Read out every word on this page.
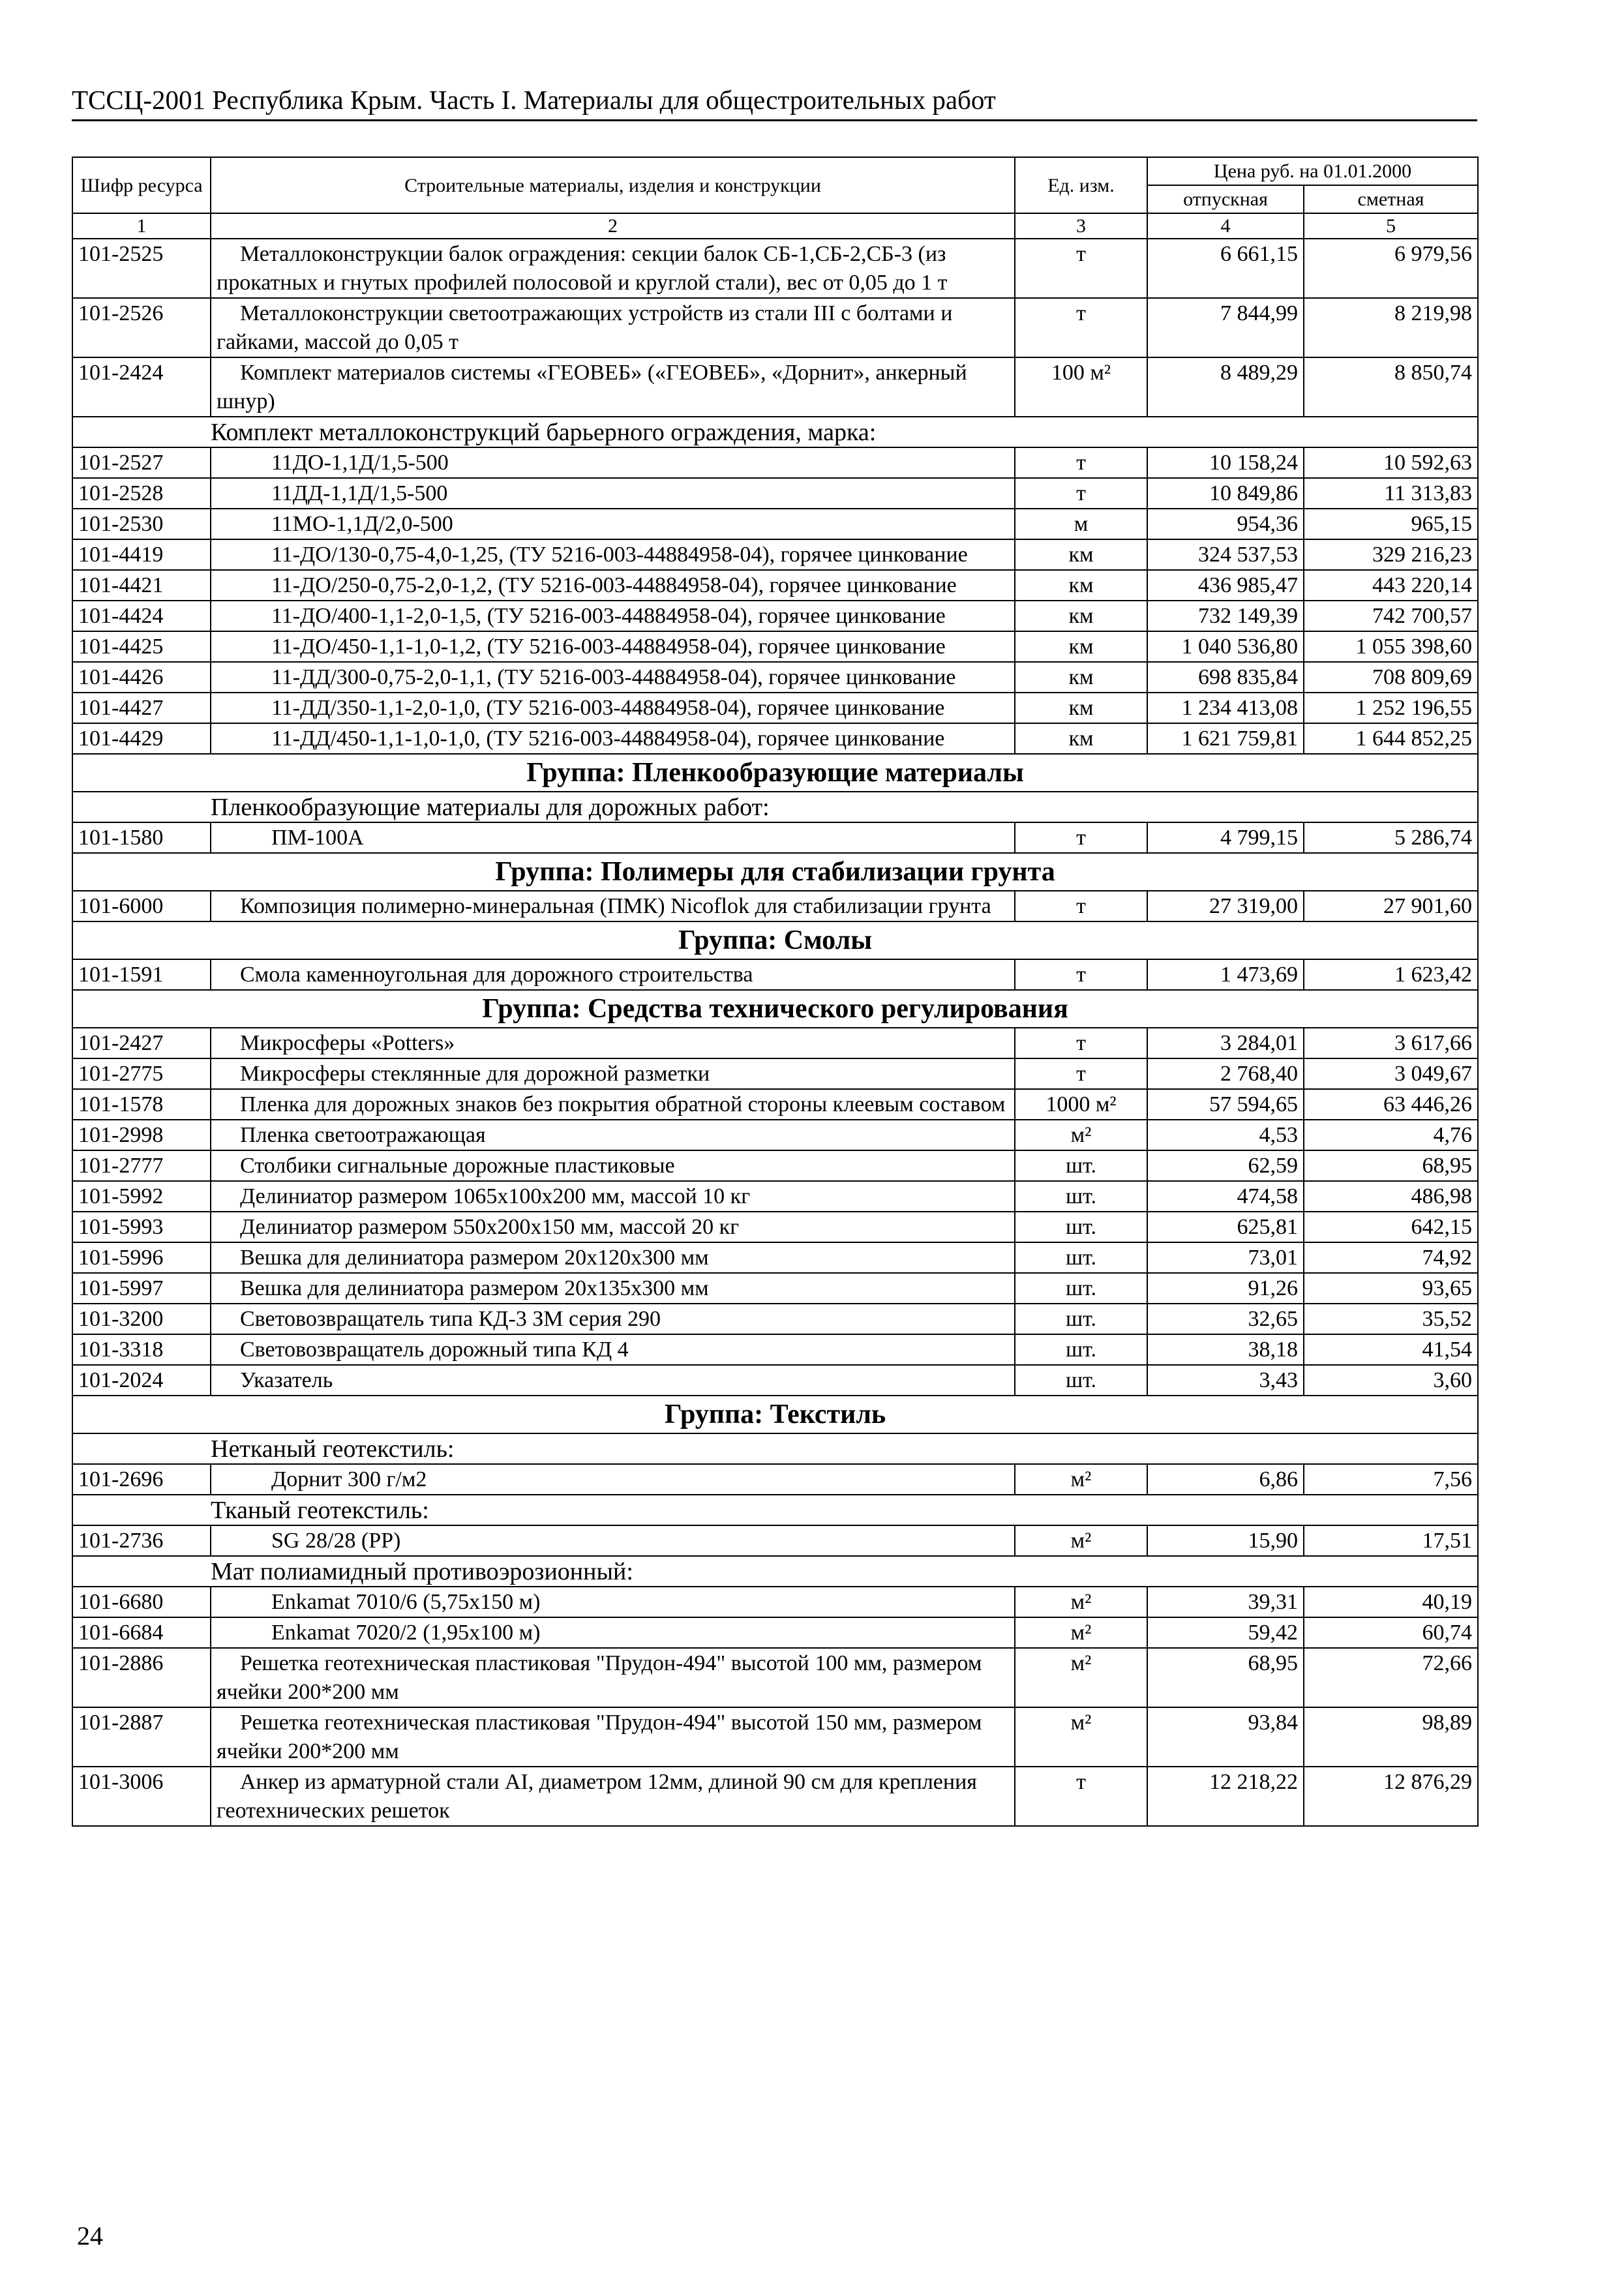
ТССЦ-2001 Республика Крым. Часть I. Материалы для общестроительных работ
Шифр ресурса	Строительные материалы, изделия и конструкции	Ед. изм.	Цена руб. на 01.01.2000	
			отпускная	сметная
1	2	3	4	5
101-2525	Металлоконструкции балок ограждения: секции балок СБ-1,СБ-2,СБ-3 (из прокатных и гнутых профилей полосовой и круглой стали), вес от 0,05 до 1 т	т	6 661,15	6 979,56
101-2526	Металлоконструкции светоотражающих устройств из стали III с болтами и гайками, массой до 0,05 т	т	7 844,99	8 219,98
101-2424	Комплект материалов системы «ГЕОВЕБ» («ГЕОВЕБ», «Дорнит», анкерный шнур)	100 м²	8 489,29	8 850,74
	Комплект металлоконструкций барьерного ограждения, марка:			
101-2527	11ДО-1,1Д/1,5-500	т	10 158,24	10 592,63
101-2528	11ДД-1,1Д/1,5-500	т	10 849,86	11 313,83
101-2530	11МО-1,1Д/2,0-500	м	954,36	965,15
101-4419	11-ДО/130-0,75-4,0-1,25, (ТУ 5216-003-44884958-04), горячее цинкование	км	324 537,53	329 216,23
101-4421	11-ДО/250-0,75-2,0-1,2, (ТУ 5216-003-44884958-04), горячее цинкование	км	436 985,47	443 220,14
101-4424	11-ДО/400-1,1-2,0-1,5, (ТУ 5216-003-44884958-04), горячее цинкование	км	732 149,39	742 700,57
101-4425	11-ДО/450-1,1-1,0-1,2, (ТУ 5216-003-44884958-04), горячее цинкование	км	1 040 536,80	1 055 398,60
101-4426	11-ДД/300-0,75-2,0-1,1, (ТУ 5216-003-44884958-04), горячее цинкование	км	698 835,84	708 809,69
101-4427	11-ДД/350-1,1-2,0-1,0, (ТУ 5216-003-44884958-04), горячее цинкование	км	1 234 413,08	1 252 196,55
101-4429	11-ДД/450-1,1-1,0-1,0, (ТУ 5216-003-44884958-04), горячее цинкование	км	1 621 759,81	1 644 852,25
Группа: Пленкообразующие материалы				
	Пленкообразующие материалы для дорожных работ:			
101-1580	ПМ-100А	т	4 799,15	5 286,74
Группа: Полимеры для стабилизации грунта				
101-6000	Композиция полимерно-минеральная (ПМК) Nicoflok для стабилизации грунта	т	27 319,00	27 901,60
Группа: Смолы				
101-1591	Смола каменноугольная для дорожного строительства	т	1 473,69	1 623,42
Группа: Средства технического регулирования				
101-2427	Микросферы «Potters»	т	3 284,01	3 617,66
101-2775	Микросферы стеклянные для дорожной разметки	т	2 768,40	3 049,67
101-1578	Пленка для дорожных знаков без покрытия обратной стороны клеевым составом	1000 м²	57 594,65	63 446,26
101-2998	Пленка светоотражающая	м²	4,53	4,76
101-2777	Столбики сигнальные дорожные пластиковые	шт.	62,59	68,95
101-5992	Делиниатор размером 1065x100x200 мм, массой 10 кг	шт.	474,58	486,98
101-5993	Делиниатор размером 550x200x150 мм, массой 20 кг	шт.	625,81	642,15
101-5996	Вешка для делиниатора размером 20x120x300 мм	шт.	73,01	74,92
101-5997	Вешка для делиниатора размером 20x135x300 мм	шт.	91,26	93,65
101-3200	Световозвращатель типа КД-3 ЗМ серия 290	шт.	32,65	35,52
101-3318	Световозвращатель дорожный типа КД 4	шт.	38,18	41,54
101-2024	Указатель	шт.	3,43	3,60
Группа: Текстиль				
	Нетканый геотекстиль:			
101-2696	Дорнит 300 г/м2	м²	6,86	7,56
	Тканый геотекстиль:			
101-2736	SG 28/28 (PP)	м²	15,90	17,51
	Мат полиамидный противоэрозионный:			
101-6680	Enkamat 7010/6 (5,75x150 м)	м²	39,31	40,19
101-6684	Enkamat 7020/2 (1,95x100 м)	м²	59,42	60,74
101-2886	Решетка геотехническая пластиковая "Прудон-494" высотой 100 мм, размером ячейки 200*200 мм	м²	68,95	72,66
101-2887	Решетка геотехническая пластиковая "Прудон-494" высотой 150 мм, размером ячейки 200*200 мм	м²	93,84	98,89
101-3006	Анкер из арматурной стали AI, диаметром 12мм, длиной 90 см для крепления геотехнических решеток	т	12 218,22	12 876,29
24
